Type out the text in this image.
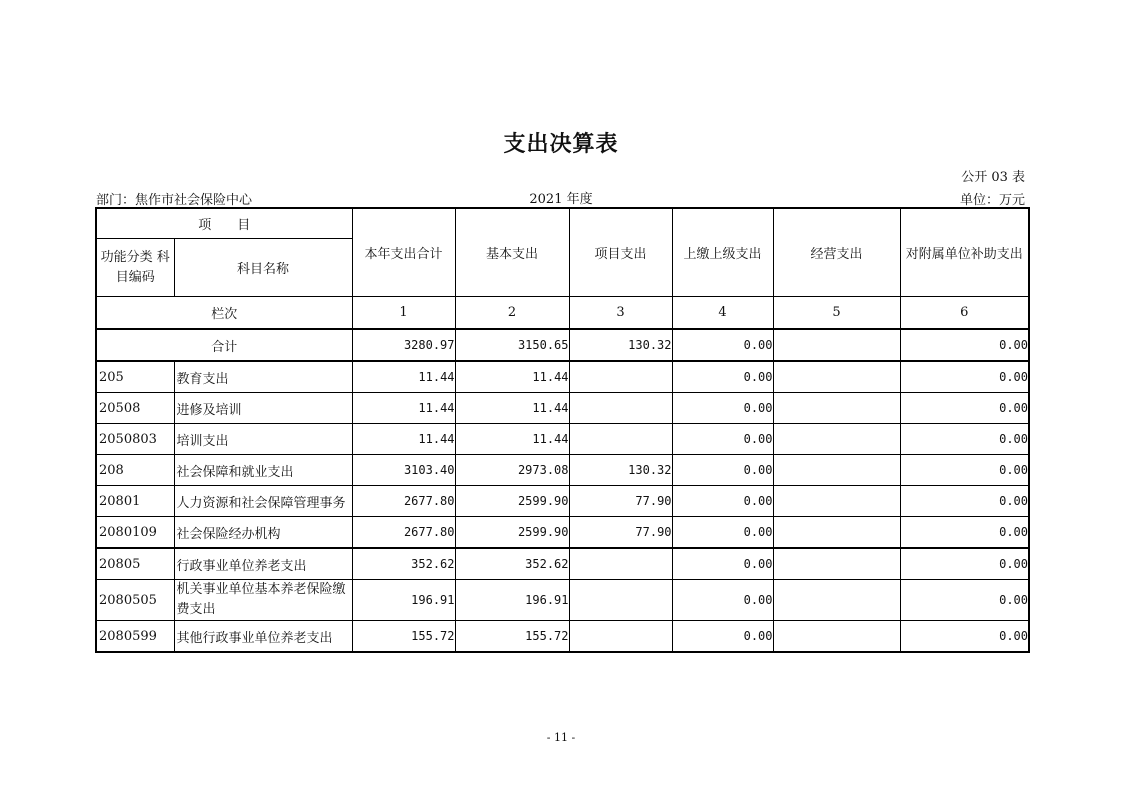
支出决算表
公开 03 表
部门：焦作市社会保险中心	2021 年度	单位：万元
项　　目		本年支出合计	基本支出	项目支出	上缴上级支出	经营支出	对附属单位补助支出
功能分类 科目编码	科目名称						
栏次		1	2	3	4	5	6
合计		3280.97	3150.65	130.32	0.00		0.00
205	教育支出	11.44	11.44		0.00		0.00
20508	进修及培训	11.44	11.44		0.00		0.00
2050803	培训支出	11.44	11.44		0.00		0.00
208	社会保障和就业支出	3103.40	2973.08	130.32	0.00		0.00
20801	人力资源和社会保障管理事务	2677.80	2599.90	77.90	0.00		0.00
2080109	社会保险经办机构	2677.80	2599.90	77.90	0.00		0.00
20805	行政事业单位养老支出	352.62	352.62		0.00		0.00
2080505	机关事业单位基本养老保险缴费支出	196.91	196.91		0.00		0.00
2080599	其他行政事业单位养老支出	155.72	155.72		0.00		0.00
- 11 -
